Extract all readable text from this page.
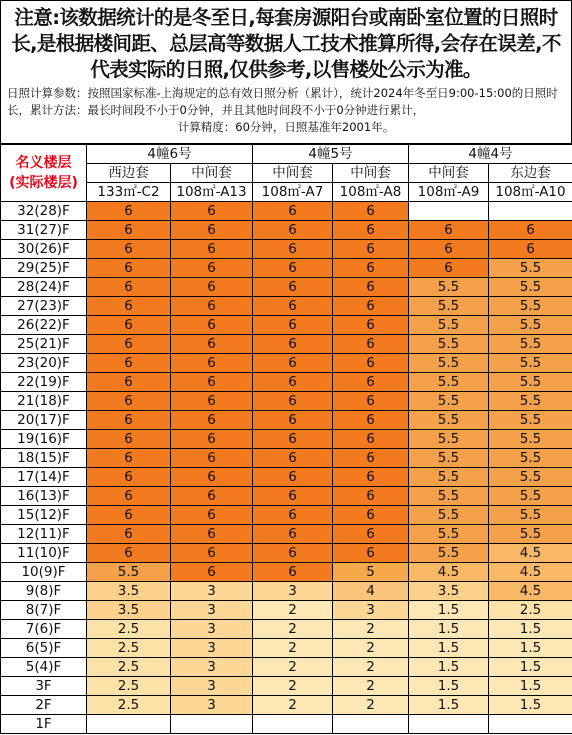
注意:该数据统计的是冬至日,每套房源阳台或南卧室位置的日照时长,是根据楼间距、总层高等数据人工技术推算所得,会存在误差,不代表实际的日照,仅供参考,以售楼处公示为准。
日照计算参数：按照国家标准-上海规定的总有效日照分析（累计），统计2024年冬至日9:00-15:00的日照时长，累计方法：最长时间段不小于0分钟，并且其他时间段不小于0分钟进行累计，
计算精度：60分钟，日照基准年2001年。
名义楼层
(实际楼层)	4幢6号		4幢5号		4幢4号	
	西边套	中间套	中间套	中间套	中间套	东边套
	133㎡-C2	108㎡-A13	108㎡-A7	108㎡-A8	108㎡-A9	108㎡-A10
32(28)F	6	6	6	6		
31(27)F	6	6	6	6	6	6
30(26)F	6	6	6	6	6	6
29(25)F	6	6	6	6	6	5.5
28(24)F	6	6	6	6	5.5	5.5
27(23)F	6	6	6	6	5.5	5.5
26(22)F	6	6	6	6	5.5	5.5
25(21)F	6	6	6	6	5.5	5.5
23(20)F	6	6	6	6	5.5	5.5
22(19)F	6	6	6	6	5.5	5.5
21(18)F	6	6	6	6	5.5	5.5
20(17)F	6	6	6	6	5.5	5.5
19(16)F	6	6	6	6	5.5	5.5
18(15)F	6	6	6	6	5.5	5.5
17(14)F	6	6	6	6	5.5	5.5
16(13)F	6	6	6	6	5.5	5.5
15(12)F	6	6	6	6	5.5	5.5
12(11)F	6	6	6	6	5.5	5.5
11(10)F	6	6	6	6	5.5	4.5
10(9)F	5.5	6	6	5	4.5	4.5
9(8)F	3.5	3	3	4	3.5	4.5
8(7)F	3.5	3	2	3	1.5	2.5
7(6)F	2.5	3	2	2	1.5	1.5
6(5)F	2.5	3	2	2	1.5	1.5
5(4)F	2.5	3	2	2	1.5	1.5
3F	2.5	3	2	2	1.5	1.5
2F	2.5	3	2	2	1.5	1.5
1F						
